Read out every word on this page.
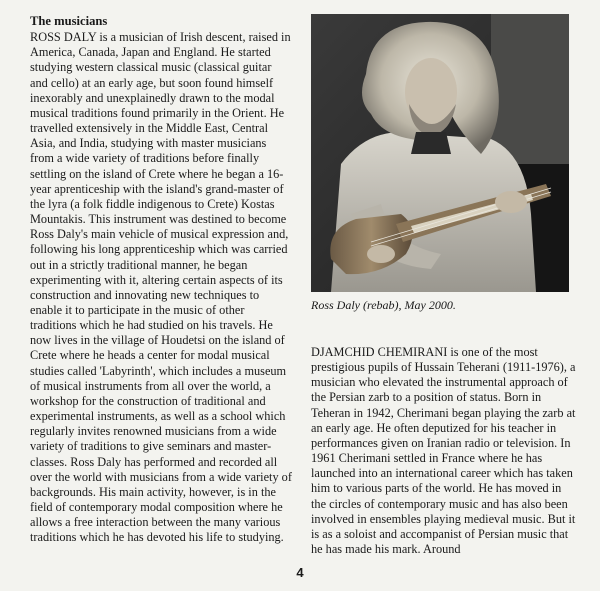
The musicians

ROSS DALY is a musician of Irish descent, raised in America, Canada, Japan and England. He started studying western classical music (classical guitar and cello) at an early age, but soon found himself inexorably and unexplainedly drawn to the modal musical traditions found primarily in the Orient. He travelled extensively in the Middle East, Central Asia, and India, studying with master musicians from a wide variety of traditions before finally settling on the island of Crete where he began a 16-year aprenticeship with the island's grand-master of the lyra (a folk fiddle indigenous to Crete) Kostas Mountakis. This instrument was destined to become Ross Daly's main vehicle of musical expression and, following his long apprenticeship which was carried out in a strictly traditional manner, he began experimenting with it, altering certain aspects of its construction and innovating new techniques to enable it to participate in the music of other traditions which he had studied on his travels. He now lives in the village of Houdetsi on the island of Crete where he heads a center for modal musical studies called 'Labyrinth', which includes a museum of musical instruments from all over the world, a workshop for the construction of traditional and experimental instruments, as well as a school which regularly invites renowned musicians from a wide variety of traditions to give seminars and master-classes. Ross Daly has performed and recorded all over the world with musicians from a wide variety of backgrounds. His main activity, however, is in the field of contemporary modal composition where he allows a free interaction between the many various traditions which he has devoted his life to studying.

Ross Daly (rebab), May 2000.

DJAMCHID CHEMIRANI is one of the most prestigious pupils of Hussain Teherani (1911-1976), a musician who elevated the instrumental approach of the Persian zarb to a position of status. Born in Teheran in 1942, Cherimani began playing the zarb at an early age. He often deputized for his teacher in performances given on Iranian radio or television. In 1961 Cherimani settled in France where he has launched into an international career which has taken him to various parts of the world. He has moved in the circles of contemporary music and has also been involved in ensembles playing medieval music. But it is as a soloist and accompanist of Persian music that he has made his mark. Around

4
